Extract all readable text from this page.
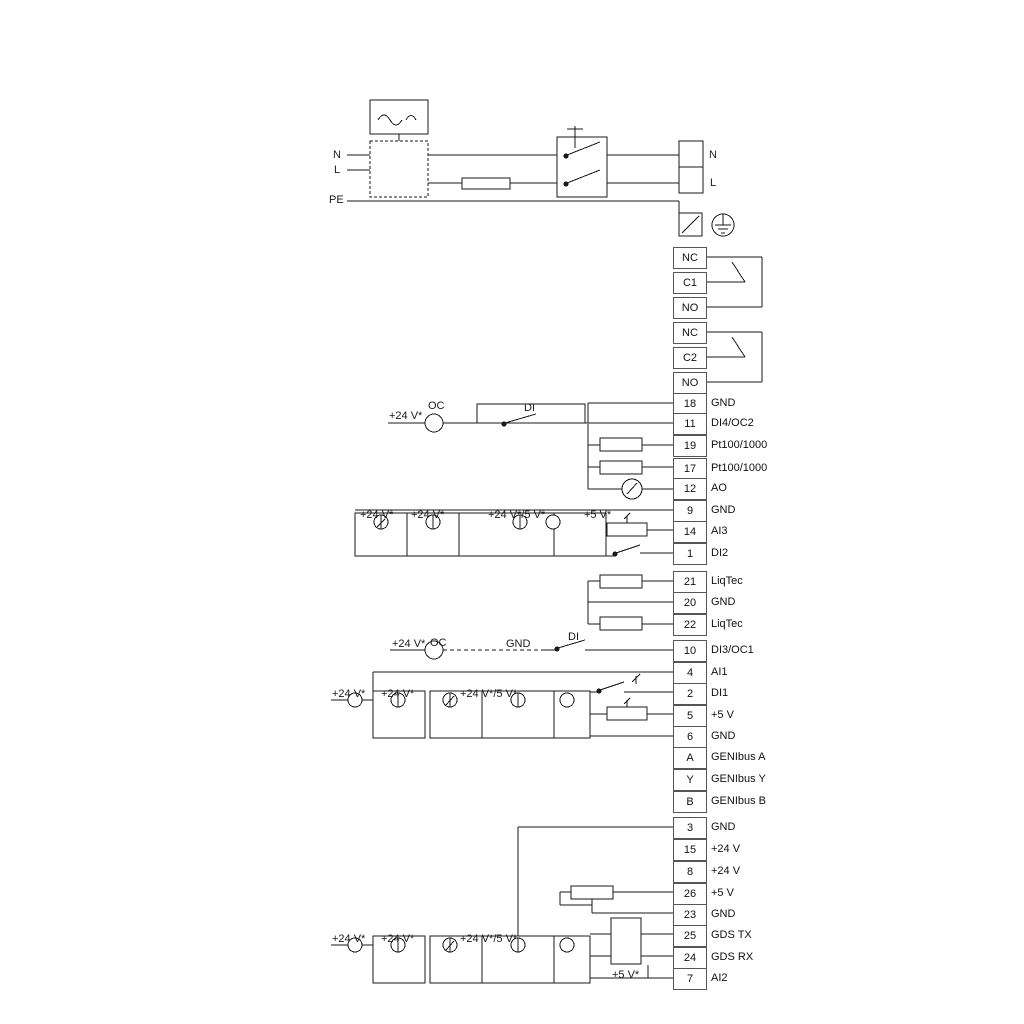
N
L
PE
N
L
NC
C1
NO
NC
C2
NO
18	GND
11	DI4/OC2
19	Pt100/1000
17	Pt100/1000
12	AO
9	GND
14	AI3
1	DI2
21	LiqTec
20	GND
22	LiqTec
10	DI3/OC1
4	AI1
2	DI1
5	+5 V
6	GND
A	GENIbus A
Y	GENIbus Y
B	GENIbus B
3	GND
15	+24 V
8	+24 V
26	+5 V
23	GND
25	GDS TX
24	GDS RX
7	AI2
+24 V*
OC	DI
+24 V* +24 V*	+24 V*/5 V*	+5 V*
+24 V* OC	GND
DI
+24 V* +24 V*	+24 V*/5 V*
+24 V* +24 V*	+24 V*/5 V*
+5 V*
